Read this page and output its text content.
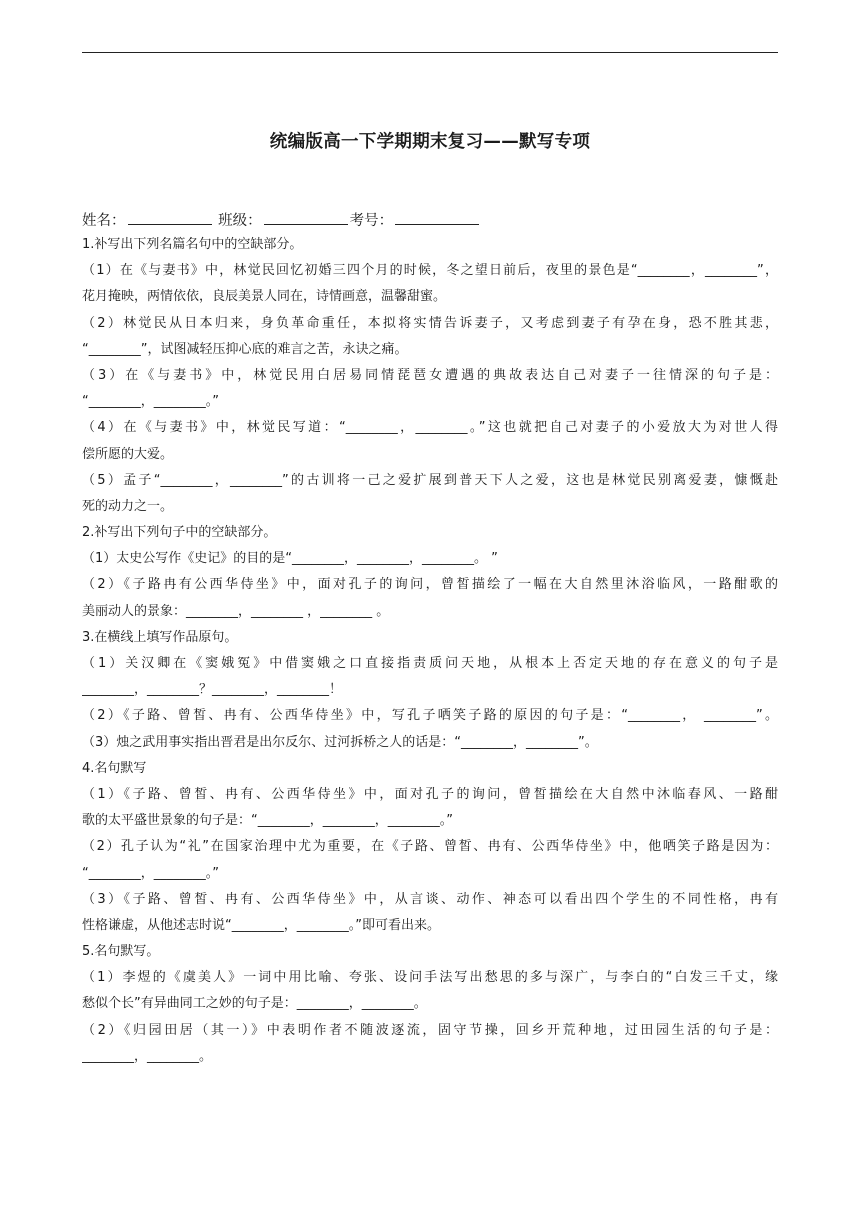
统编版高一下学期期末复习——默写专项
姓名：	班级：	考号：
1.补写出下列名篇名句中的空缺部分。
（1）在《与妻书》中，林觉民回忆初婚三四个月的时候，冬之望日前后，夜里的景色是“________，________”，
花月掩映，两情依依，良辰美景人同在，诗情画意，温馨甜蜜。
（2）林觉民从日本归来，身负革命重任，本拟将实情告诉妻子，又考虑到妻子有孕在身，恐不胜其悲，
“________”，试图减轻压抑心底的难言之苦，永诀之痛。
（3）在《与妻书》中，林觉民用白居易同情琵琶女遭遇的典故表达自己对妻子一往情深的句子是：
“________，________。”
（4）在《与妻书》中，林觉民写道：“________，________。”这也就把自己对妻子的小爱放大为对世人得
偿所愿的大爱。
（5）孟子“________，________”的古训将一己之爱扩展到普天下人之爱，这也是林觉民别离爱妻，慷慨赴
死的动力之一。
2.补写出下列句子中的空缺部分。
（1）太史公写作《史记》的目的是“________，________，________。 ”
（2）《子路冉有公西华侍坐》中，面对孔子的询问，曾皙描绘了一幅在大自然里沐浴临风，一路酣歌的
美丽动人的景象：________，________ ，________ 。
3.在横线上填写作品原句。
（1）关汉卿在《窦娥冤》中借窦娥之口直接指责质问天地，从根本上否定天地的存在意义的句子是
________，________？________，________！
（2）《子路、曾皙、冉有、公西华侍坐》中，写孔子哂笑子路的原因的句子是：“________， ________”。
（3）烛之武用事实指出晋君是出尔反尔、过河拆桥之人的话是：“________，________”。
4.名句默写
（1）《子路、曾皙、冉有、公西华侍坐》中，面对孔子的询问，曾皙描绘在大自然中沐临春风、一路酣
歌的太平盛世景象的句子是：“________，________，________。”
（2）孔子认为“礼”在国家治理中尤为重要，在《子路、曾皙、冉有、公西华侍坐》中，他哂笑子路是因为：
“________，________。”
（3）《子路、曾皙、冉有、公西华侍坐》中，从言谈、动作、神态可以看出四个学生的不同性格，冉有
性格谦虚，从他述志时说“________，________。”即可看出来。
5.名句默写。
（1）李煜的《虞美人》一词中用比喻、夸张、设问手法写出愁思的多与深广，与李白的“白发三千丈，缘
愁似个长”有异曲同工之妙的句子是：________，________。
（2）《归园田居（其一）》中表明作者不随波逐流，固守节操，回乡开荒种地，过田园生活的句子是：
________，________。
